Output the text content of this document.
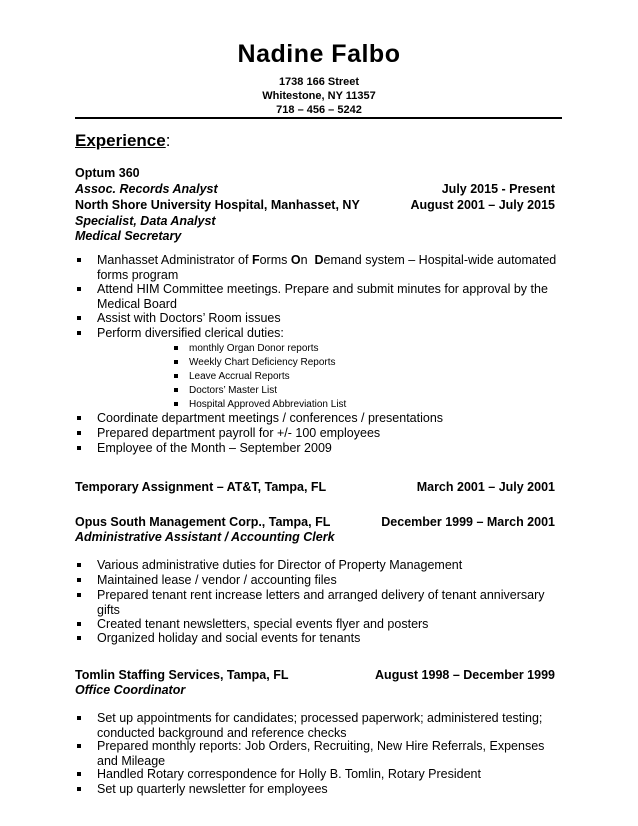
Nadine Falbo
1738 166 Street
Whitestone, NY 11357
718 – 456 – 5242
Experience:
Optum 360
Assoc. Records Analyst	July 2015 - Present
North Shore University Hospital, Manhasset, NY	August 2001 – July 2015
Specialist, Data Analyst
Medical Secretary
Manhasset Administrator of Forms On  Demand system – Hospital-wide automated
forms program
Attend HIM Committee meetings. Prepare and submit minutes for approval by the
Medical Board
Assist with Doctors’ Room issues
Perform diversified clerical duties:
monthly Organ Donor reports
Weekly Chart Deficiency Reports
Leave Accrual Reports
Doctors’ Master List
Hospital Approved Abbreviation List
Coordinate department meetings / conferences / presentations
Prepared department payroll for +/- 100 employees
Employee of the Month – September 2009
Temporary Assignment – AT&T, Tampa, FL	March 2001 – July 2001
Opus South Management Corp., Tampa, FL	December 1999 – March 2001
Administrative Assistant / Accounting Clerk
Various administrative duties for Director of Property Management
Maintained lease / vendor / accounting files
Prepared tenant rent increase letters and arranged delivery of tenant anniversary
gifts
Created tenant newsletters, special events flyer and posters
Organized holiday and social events for tenants
Tomlin Staffing Services, Tampa, FL	August 1998 – December 1999
Office Coordinator
Set up appointments for candidates; processed paperwork; administered testing;
conducted background and reference checks
Prepared monthly reports: Job Orders, Recruiting, New Hire Referrals, Expenses
and Mileage
Handled Rotary correspondence for Holly B. Tomlin, Rotary President
Set up quarterly newsletter for employees
